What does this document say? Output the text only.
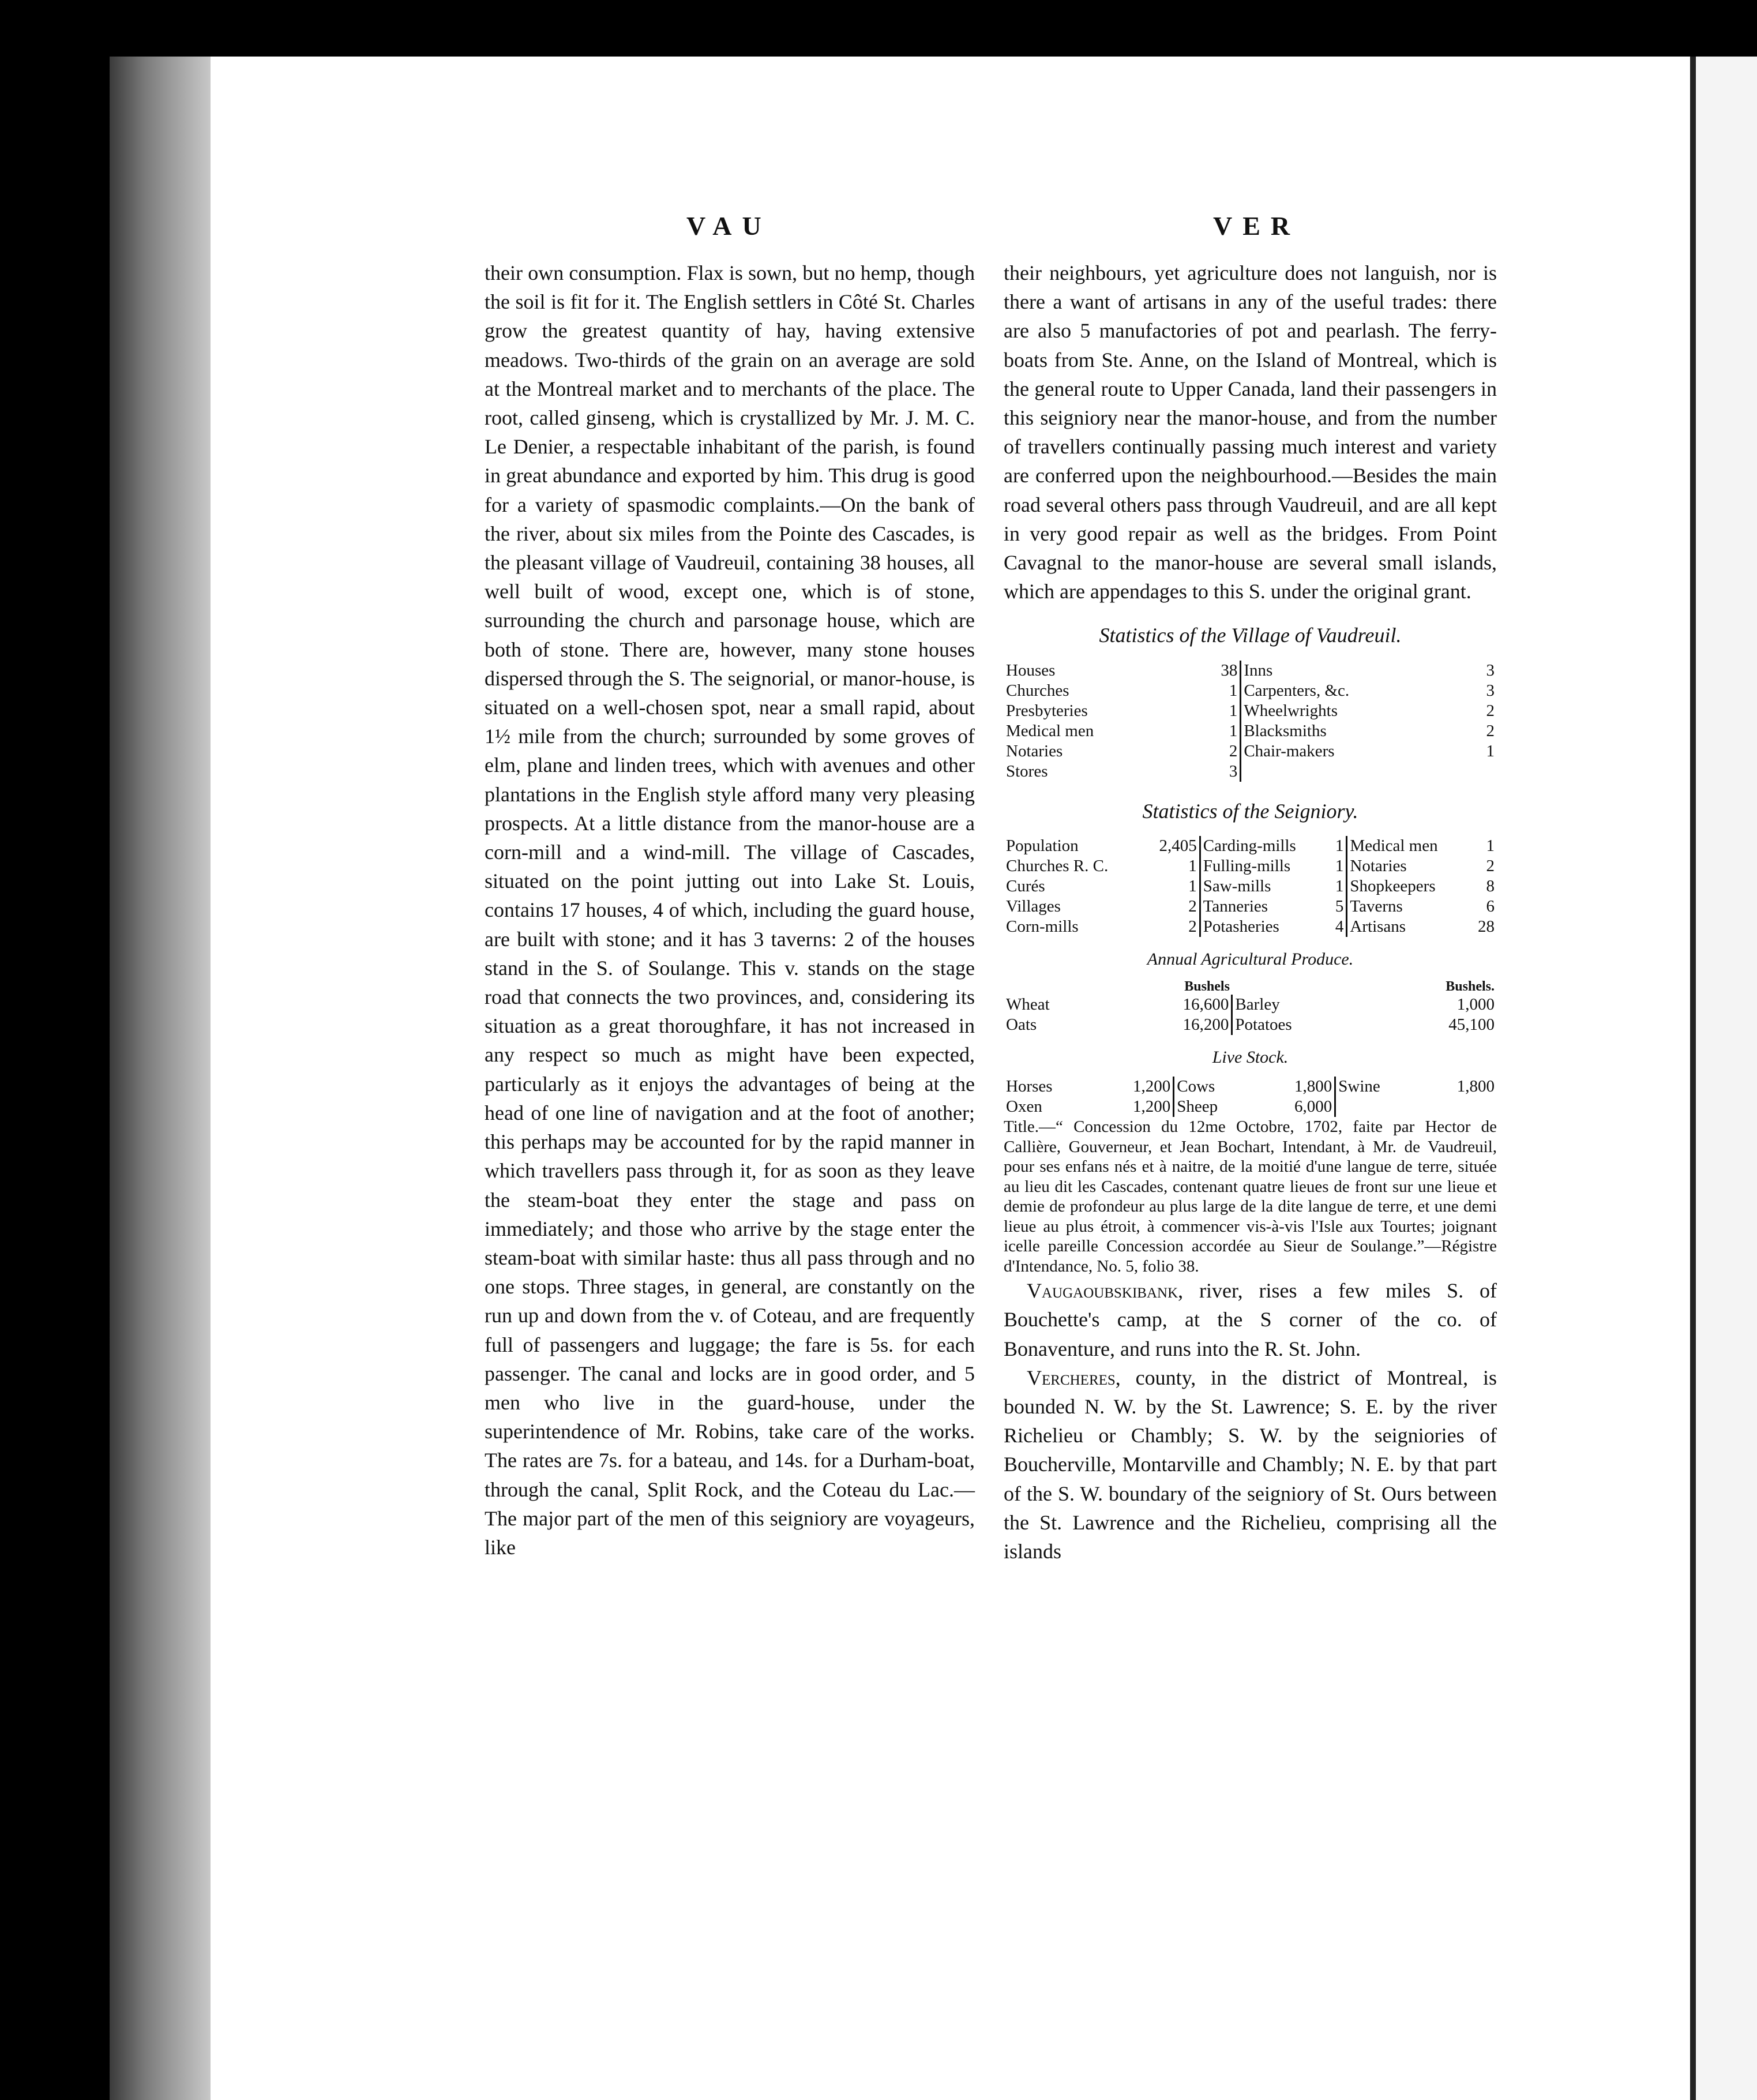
VAU	VER

their own consumption. Flax is sown, but no hemp, though the soil is fit for it. The English settlers in Côté St. Charles grow the greatest quantity of hay, having extensive meadows. Two-thirds of the grain on an average are sold at the Montreal market and to merchants of the place. The root, called ginseng, which is crystallized by Mr. J. M. C. Le Denier, a respectable inhabitant of the parish, is found in great abundance and exported by him. This drug is good for a variety of spasmodic complaints.—On the bank of the river, about six miles from the Pointe des Cascades, is the pleasant village of Vaudreuil, containing 38 houses, all well built of wood, except one, which is of stone, surrounding the church and parsonage house, which are both of stone. There are, however, many stone houses dispersed through the S. The seignorial, or manor-house, is situated on a well-chosen spot, near a small rapid, about 1½ mile from the church; surrounded by some groves of elm, plane and linden trees, which with avenues and other plantations in the English style afford many very pleasing prospects. At a little distance from the manor-house are a corn-mill and a wind-mill. The village of Cascades, situated on the point jutting out into Lake St. Louis, contains 17 houses, 4 of which, including the guard house, are built with stone; and it has 3 taverns: 2 of the houses stand in the S. of Soulange. This v. stands on the stage road that connects the two provinces, and, considering its situation as a great thoroughfare, it has not increased in any respect so much as might have been expected, particularly as it enjoys the advantages of being at the head of one line of navigation and at the foot of another; this perhaps may be accounted for by the rapid manner in which travellers pass through it, for as soon as they leave the steam-boat they enter the stage and pass on immediately; and those who arrive by the stage enter the steam-boat with similar haste: thus all pass through and no one stops. Three stages, in general, are constantly on the run up and down from the v. of Coteau, and are frequently full of passengers and luggage; the fare is 5s. for each passenger. The canal and locks are in good order, and 5 men who live in the guard-house, under the superintendence of Mr. Robins, take care of the works. The rates are 7s. for a bateau, and 14s. for a Durham-boat, through the canal, Split Rock, and the Coteau du Lac.—The major part of the men of this seigniory are voyageurs, like

their neighbours, yet agriculture does not languish, nor is there a want of artisans in any of the useful trades: there are also 5 manufactories of pot and pearlash. The ferry-boats from Ste. Anne, on the Island of Montreal, which is the general route to Upper Canada, land their passengers in this seigniory near the manor-house, and from the number of travellers continually passing much interest and variety are conferred upon the neighbourhood.—Besides the main road several others pass through Vaudreuil, and are all kept in very good repair as well as the bridges. From Point Cavagnal to the manor-house are several small islands, which are appendages to this S. under the original grant.

Statistics of the Village of Vaudreuil.
Houses	38	Inns	3
Churches	1	Carpenters, &c.	3
Presbyteries	1	Wheelwrights	2
Medical men	1	Blacksmiths	2
Notaries	2	Chair-makers	1
Stores	3		
Statistics of the Seigniory.
Population	2,405	Carding-mills	1	Medical men	1
Churches R. C.	1	Fulling-mills	1	Notaries	2
Curés	1	Saw-mills	1	Shopkeepers	8
Villages	2	Tanneries	5	Taverns	6
Corn-mills	2	Potasheries	4	Artisans	28
Annual Agricultural Produce.
	Bushels		Bushels.
Wheat	16,600	Barley	1,000
Oats	16,200	Potatoes	45,100
Live Stock.
Horses	1,200	Cows	1,800	Swine	1,800
Oxen	1,200	Sheep	6,000		

Title.—“ Concession du 12me Octobre, 1702, faite par Hector de Callière, Gouverneur, et Jean Bochart, Intendant, à Mr. de Vaudreuil, pour ses enfans nés et à naitre, de la moitié d'une langue de terre, située au lieu dit les Cascades, contenant quatre lieues de front sur une lieue et demie de profondeur au plus large de la dite langue de terre, et une demi lieue au plus étroit, à commencer vis-à-vis l'Isle aux Tourtes; joignant icelle pareille Concession accordée au Sieur de Soulange.”—Régistre d'Intendance, No. 5, folio 38.

Vaugaoubskibank, river, rises a few miles S. of Bouchette's camp, at the S corner of the co. of Bonaventure, and runs into the R. St. John.

Vercheres, county, in the district of Montreal, is bounded N. W. by the St. Lawrence; S. E. by the river Richelieu or Chambly; S. W. by the seigniories of Boucherville, Montarville and Chambly; N. E. by that part of the S. W. boundary of the seigniory of St. Ours between the St. Lawrence and the Richelieu, comprising all the islands
